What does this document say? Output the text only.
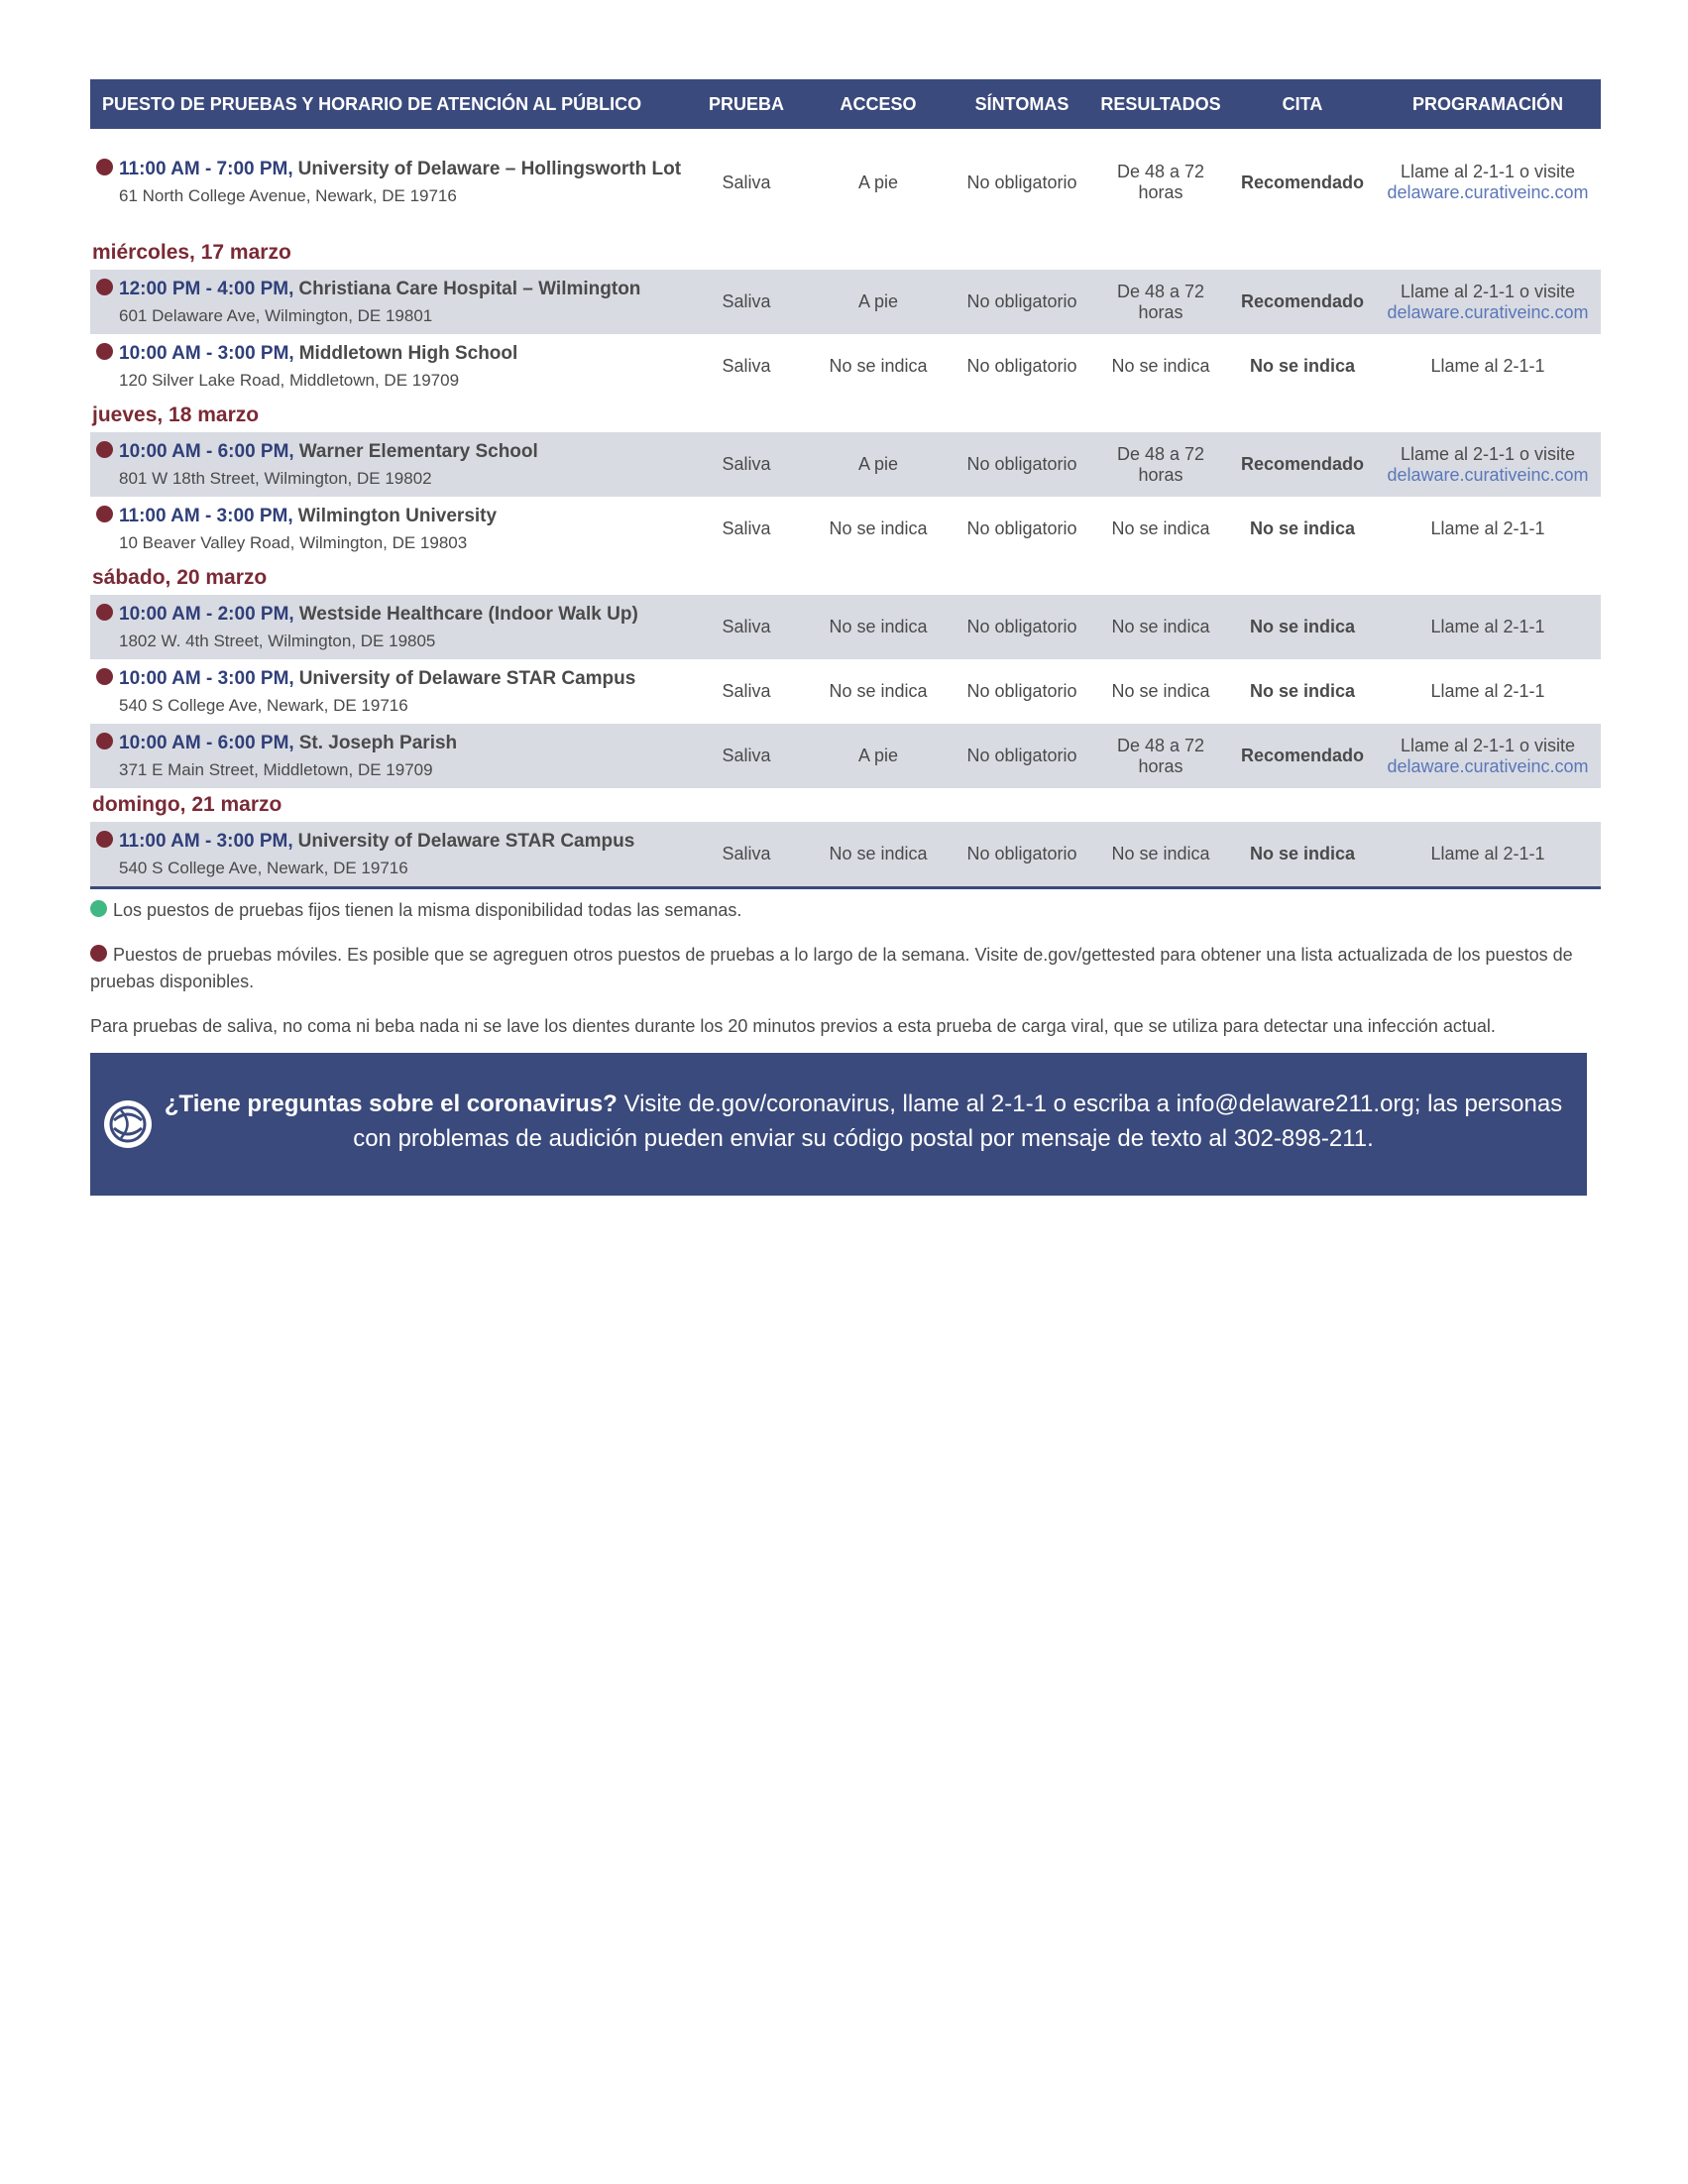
PUESTO DE PRUEBAS Y HORARIO DE ATENCIÓN AL PÚBLICO	PRUEBA	ACCESO	SÍNTOMAS	RESULTADOS	CITA	PROGRAMACIÓN
11:00 AM - 7:00 PM, University of Delaware – Hollingsworth Lot
61 North College Avenue, Newark, DE 19716	Saliva	A pie	No obligatorio	De 48 a 72 horas	Recomendado	Llame al 2-1-1 o visite
delaware.curativeinc.com

miércoles, 17 marzo						
12:00 PM - 4:00 PM, Christiana Care Hospital – Wilmington
601 Delaware Ave, Wilmington, DE 19801	Saliva	A pie	No obligatorio	De 48 a 72 horas	Recomendado	Llame al 2-1-1 o visite
delaware.curativeinc.com

10:00 AM - 3:00 PM, Middletown High School
120 Silver Lake Road, Middletown, DE 19709	Saliva	No se indica	No obligatorio	No se indica	No se indica	Llame al 2-1-1
jueves, 18 marzo						
10:00 AM - 6:00 PM, Warner Elementary School
801 W 18th Street, Wilmington, DE 19802	Saliva	A pie	No obligatorio	De 48 a 72 horas	Recomendado	Llame al 2-1-1 o visite
delaware.curativeinc.com

11:00 AM - 3:00 PM, Wilmington University
10 Beaver Valley Road, Wilmington, DE 19803	Saliva	No se indica	No obligatorio	No se indica	No se indica	Llame al 2-1-1
sábado, 20 marzo						
10:00 AM - 2:00 PM, Westside Healthcare (Indoor Walk Up)
1802 W. 4th Street, Wilmington, DE 19805	Saliva	No se indica	No obligatorio	No se indica	No se indica	Llame al 2-1-1
10:00 AM - 3:00 PM, University of Delaware STAR Campus
540 S College Ave, Newark, DE 19716	Saliva	No se indica	No obligatorio	No se indica	No se indica	Llame al 2-1-1
10:00 AM - 6:00 PM, St. Joseph Parish
371 E Main Street, Middletown, DE 19709	Saliva	A pie	No obligatorio	De 48 a 72 horas	Recomendado	Llame al 2-1-1 o visite
delaware.curativeinc.com

domingo, 21 marzo						
11:00 AM - 3:00 PM, University of Delaware STAR Campus
540 S College Ave, Newark, DE 19716	Saliva	No se indica	No obligatorio	No se indica	No se indica	Llame al 2-1-1

Los puestos de pruebas fijos tienen la misma disponibilidad todas las semanas.

Puestos de pruebas móviles. Es posible que se agreguen otros puestos de pruebas a lo largo de la semana. Visite de.gov/gettested para obtener una lista actualizada de los puestos de pruebas disponibles.

Para pruebas de saliva, no coma ni beba nada ni se lave los dientes durante los 20 minutos previos a esta prueba de carga viral, que se utiliza para detectar una infección actual.

¿Tiene preguntas sobre el coronavirus? Visite de.gov/coronavirus, llame al 2-1-1 o escriba a info@delaware211.org; las personas con problemas de audición pueden enviar su código postal por mensaje de texto al 302-898-211.
